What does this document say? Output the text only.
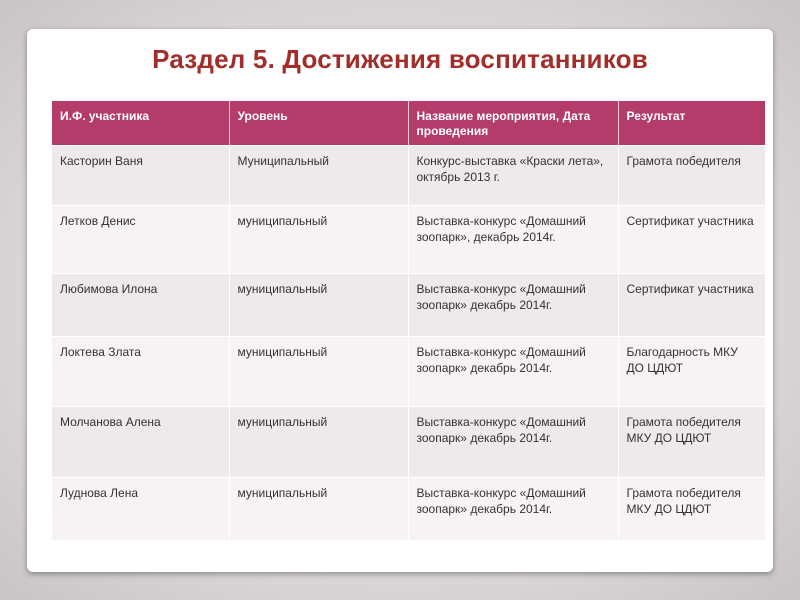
Раздел 5. Достижения воспитанников
И.Ф. участника	Уровень	Название мероприятия, Дата проведения	Результат
Касторин Ваня	Муниципальный	Конкурс-выставка «Краски лета», октябрь 2013 г.	Грамота победителя
Летков Денис	муниципальный	Выставка-конкурс «Домашний зоопарк», декабрь 2014г.	Сертификат участника
Любимова Илона	муниципальный	Выставка-конкурс «Домашний зоопарк» декабрь 2014г.	Сертификат участника
Локтева Злата	муниципальный	Выставка-конкурс «Домашний зоопарк» декабрь 2014г.	Благодарность МКУ ДО ЦДЮТ
Молчанова Алена	муниципальный	Выставка-конкурс «Домашний зоопарк» декабрь 2014г.	Грамота победителя МКУ ДО ЦДЮТ
Луднова Лена	муниципальный	Выставка-конкурс «Домашний зоопарк» декабрь 2014г.	Грамота победителя МКУ ДО ЦДЮТ
